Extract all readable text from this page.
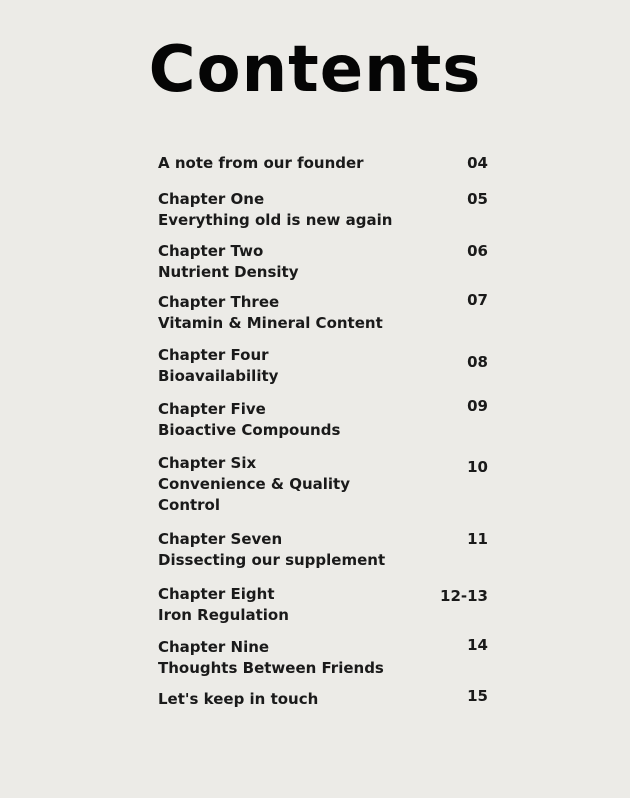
Contents
A note from our founder	04
Chapter One
Everything old is new again
05
Chapter Two
Nutrient Density
06
Chapter Three
Vitamin & Mineral Content
07
Chapter Four
Bioavailability
08
Chapter Five
Bioactive Compounds
09
Chapter Six
Convenience & Quality
Control
10
Chapter Seven
Dissecting our supplement
11
Chapter Eight
Iron Regulation
12-13
Chapter Nine
Thoughts Between Friends
14
Let's keep in touch	15
